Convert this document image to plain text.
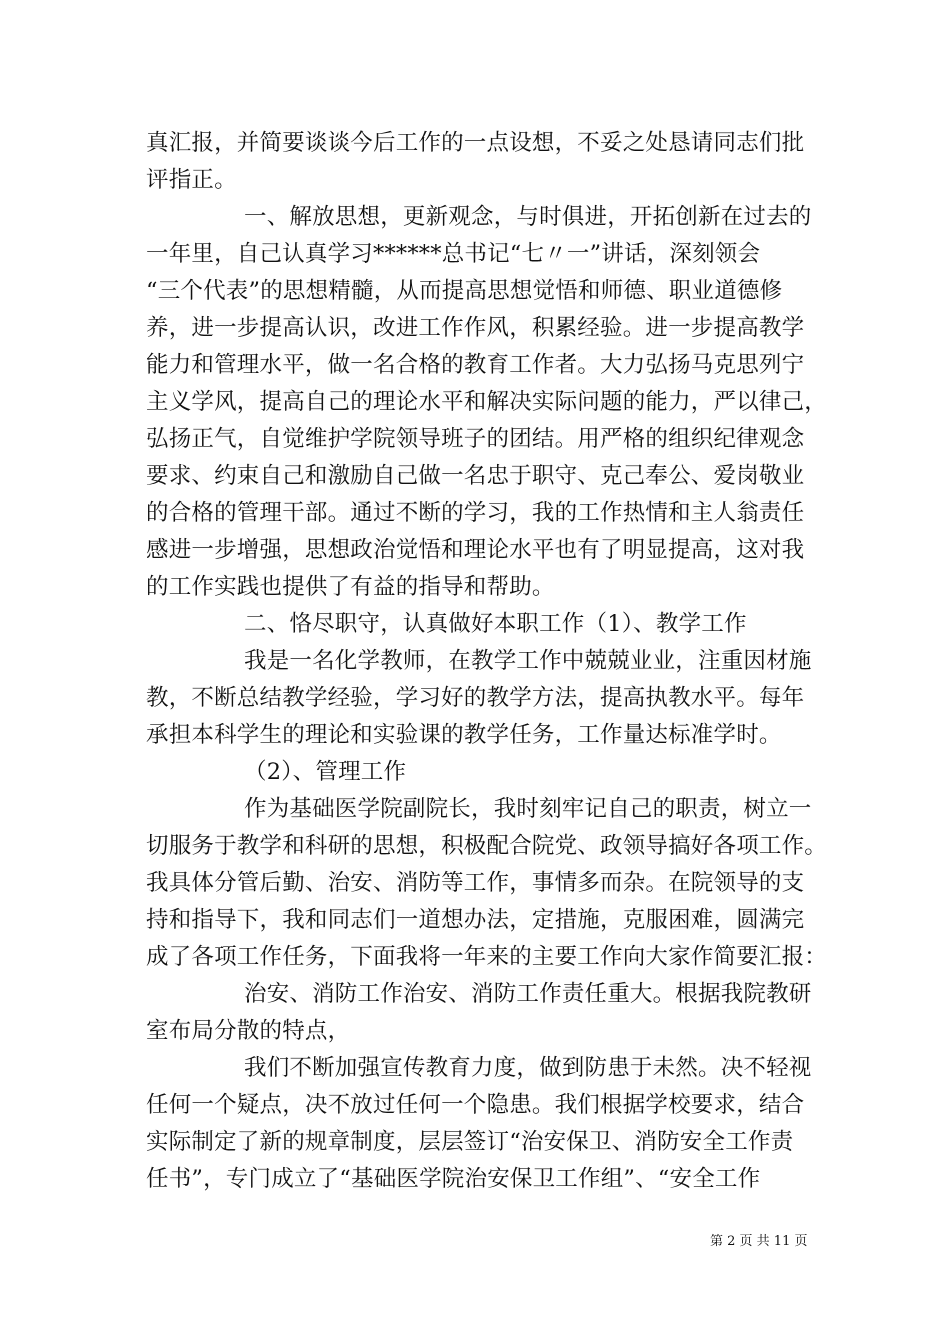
真汇报，并简要谈谈今后工作的一点设想，不妥之处恳请同志们批
评指正。
一、解放思想，更新观念，与时俱进，开拓创新在过去的
一年里，自己认真学习******总书记“七〃一”讲话，深刻领会
“三个代表”的思想精髓，从而提高思想觉悟和师德、职业道德修
养，进一步提高认识，改进工作作风，积累经验。进一步提高教学
能力和管理水平，做一名合格的教育工作者。大力弘扬马克思列宁
主义学风，提高自己的理论水平和解决实际问题的能力，严以律己，
弘扬正气，自觉维护学院领导班子的团结。用严格的组织纪律观念
要求、约束自己和激励自己做一名忠于职守、克己奉公、爱岗敬业
的合格的管理干部。通过不断的学习，我的工作热情和主人翁责任
感进一步增强，思想政治觉悟和理论水平也有了明显提高，这对我
的工作实践也提供了有益的指导和帮助。
二、恪尽职守，认真做好本职工作（1）、教学工作
我是一名化学教师，在教学工作中兢兢业业，注重因材施
教，不断总结教学经验，学习好的教学方法，提高执教水平。每年
承担本科学生的理论和实验课的教学任务，工作量达标准学时。
（2）、管理工作
作为基础医学院副院长，我时刻牢记自己的职责，树立一
切服务于教学和科研的思想，积极配合院党、政领导搞好各项工作。
我具体分管后勤、治安、消防等工作，事情多而杂。在院领导的支
持和指导下，我和同志们一道想办法，定措施，克服困难，圆满完
成了各项工作任务，下面我将一年来的主要工作向大家作简要汇报：
治安、消防工作治安、消防工作责任重大。根据我院教研
室布局分散的特点，
我们不断加强宣传教育力度，做到防患于未然。决不轻视
任何一个疑点，决不放过任何一个隐患。我们根据学校要求，结合
实际制定了新的规章制度，层层签订“治安保卫、消防安全工作责
任书”，专门成立了“基础医学院治安保卫工作组”、“安全工作
第 2 页 共 11 页
